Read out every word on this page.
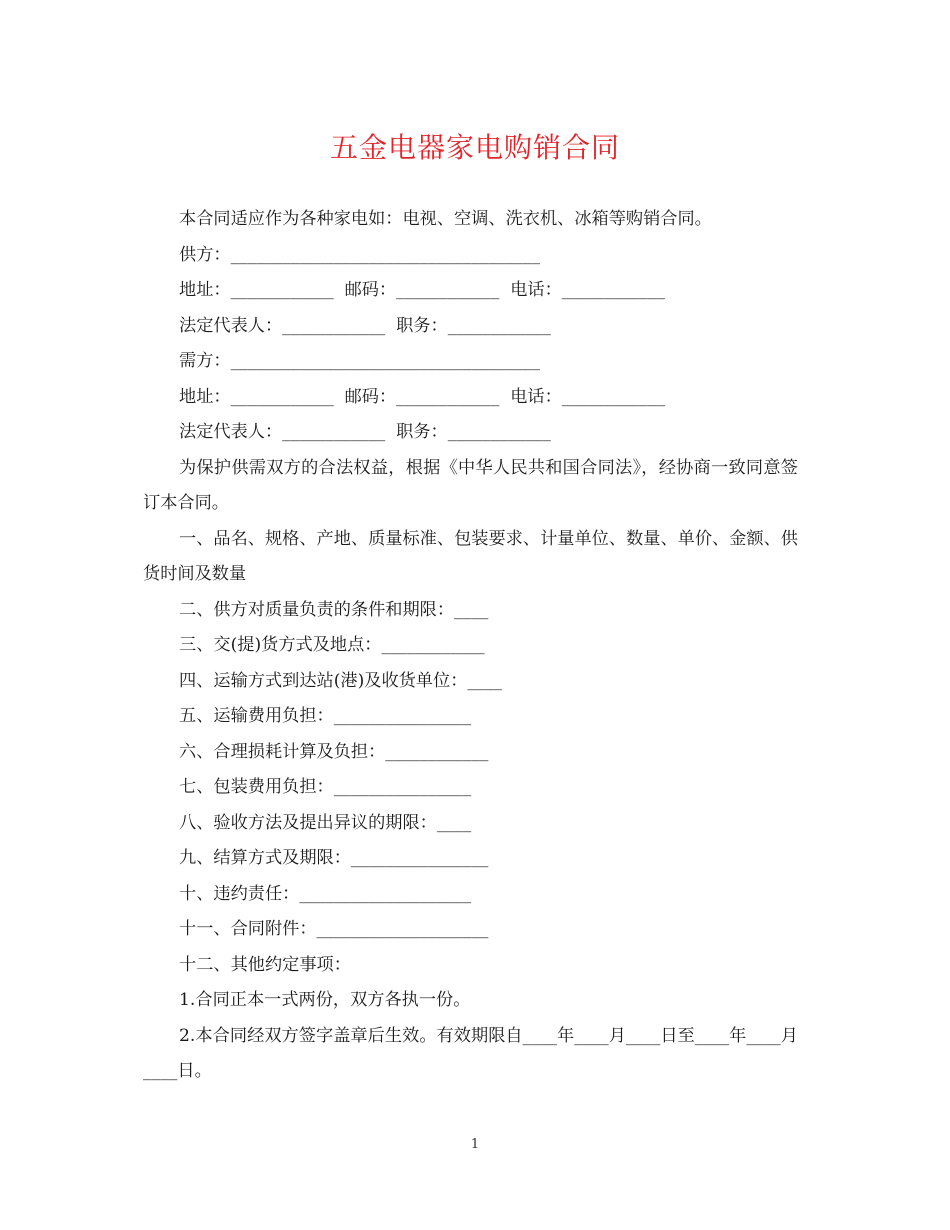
五金电器家电购销合同

本合同适应作为各种家电如：电视、空调、洗衣机、冰箱等购销合同。

供方：____________________________________

地址：____________  邮码：____________  电话：____________

法定代表人：____________  职务：____________

需方：____________________________________

地址：____________  邮码：____________  电话：____________

法定代表人：____________  职务：____________

为保护供需双方的合法权益，根据《中华人民共和国合同法》，经协商一致同意签订本合同。

一、品名、规格、产地、质量标准、包装要求、计量单位、数量、单价、金额、供货时间及数量

二、供方对质量负责的条件和期限：____

三、交(提)货方式及地点：____________

四、运输方式到达站(港)及收货单位：____

五、运输费用负担：________________

六、合理损耗计算及负担：____________

七、包装费用负担：________________

八、验收方法及提出异议的期限：____

九、结算方式及期限：________________

十、违约责任：____________________

十一、合同附件：____________________

十二、其他约定事项：

1.合同正本一式两份，双方各执一份。

2.本合同经双方签字盖章后生效。有效期限自____年____月____日至____年____月____日。

1
